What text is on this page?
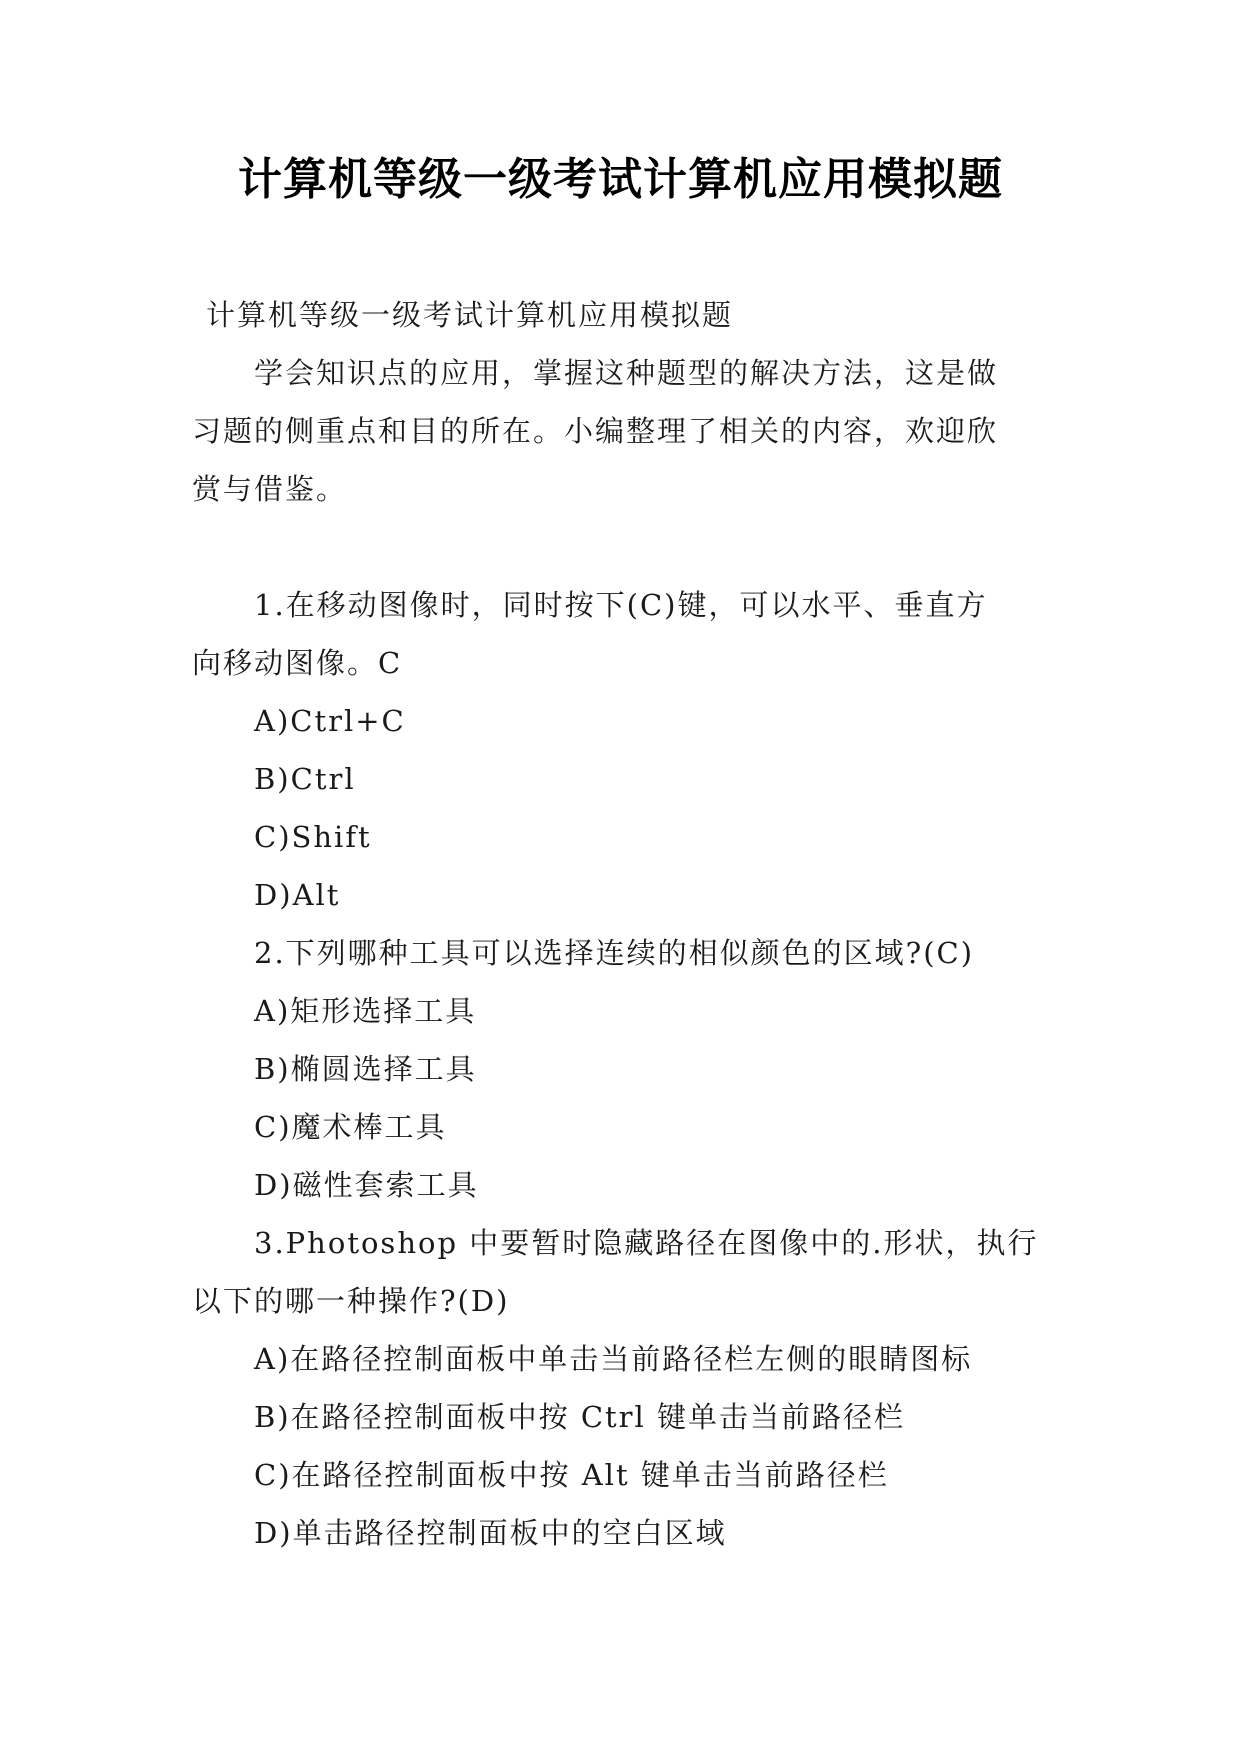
计算机等级一级考试计算机应用模拟题
计算机等级一级考试计算机应用模拟题
学会知识点的应用，掌握这种题型的解决方法，这是做
习题的侧重点和目的所在。小编整理了相关的内容，欢迎欣
赏与借鉴。
1.在移动图像时，同时按下(C)键，可以水平、垂直方
向移动图像。C
A)Ctrl+C
B)Ctrl
C)Shift
D)Alt
2.下列哪种工具可以选择连续的相似颜色的区域?(C)
A)矩形选择工具
B)椭圆选择工具
C)魔术棒工具
D)磁性套索工具
3.Photoshop 中要暂时隐藏路径在图像中的.形状，执行
以下的哪一种操作?(D)
A)在路径控制面板中单击当前路径栏左侧的眼睛图标
B)在路径控制面板中按 Ctrl 键单击当前路径栏
C)在路径控制面板中按 Alt 键单击当前路径栏
D)单击路径控制面板中的空白区域
